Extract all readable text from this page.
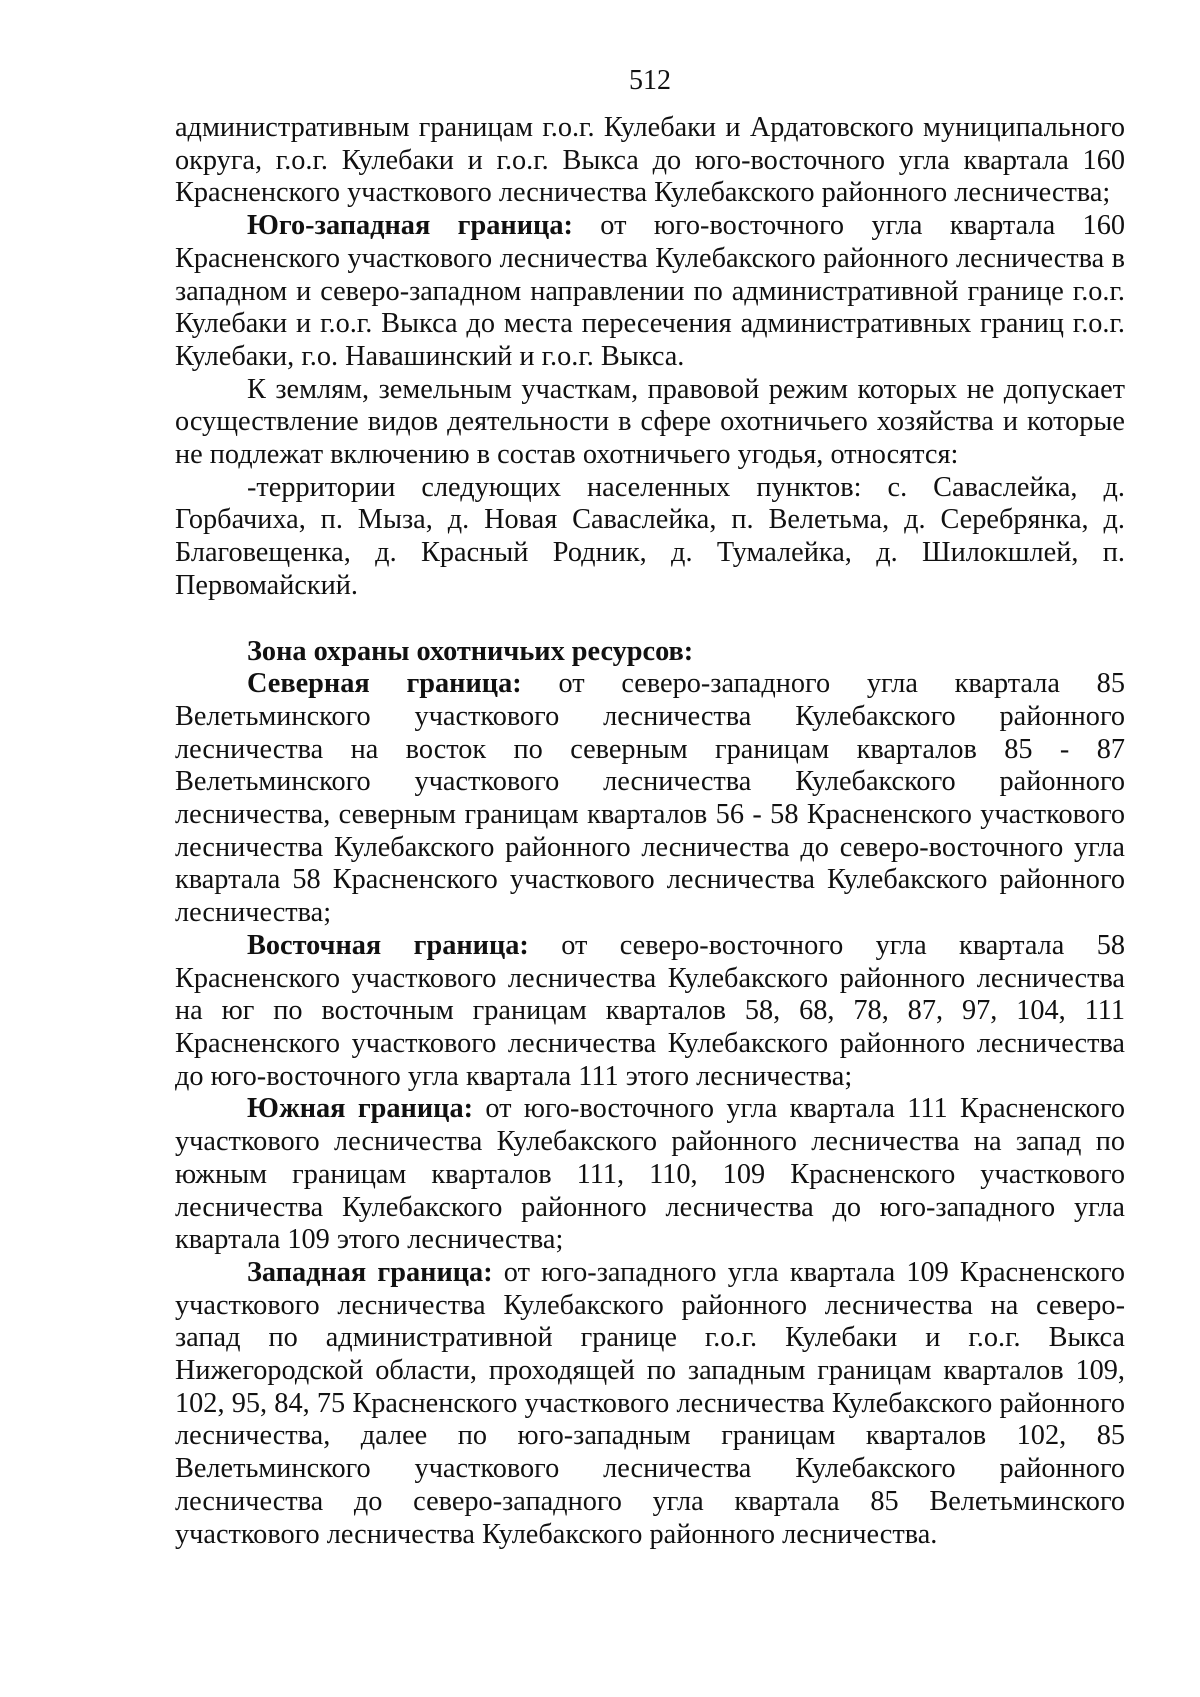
512

административным границам г.о.г. Кулебаки и Ардатовского муниципального округа, г.о.г. Кулебаки и г.о.г. Выкса до юго-восточного угла квартала 160 Красненского участкового лесничества Кулебакского районного лесничества;

Юго-западная граница: от юго-восточного угла квартала 160 Красненского участкового лесничества Кулебакского районного лесничества в западном и северо-западном направлении по административной границе г.о.г. Кулебаки и г.о.г. Выкса до места пересечения административных границ г.о.г. Кулебаки, г.о. Навашинский и г.о.г. Выкса.

К землям, земельным участкам, правовой режим которых не допускает осуществление видов деятельности в сфере охотничьего хозяйства и которые не подлежат включению в состав охотничьего угодья, относятся:

-территории следующих населенных пунктов: с. Саваслейка, д. Горбачиха, п. Мыза, д. Новая Саваслейка, п. Велетьма, д. Серебрянка, д. Благовещенка, д. Красный Родник, д. Тумалейка, д. Шилокшлей, п. Первомайский.

Зона охраны охотничьих ресурсов:

Северная граница: от северо-западного угла квартала 85 Велетьминского участкового лесничества Кулебакского районного лесничества на восток по северным границам кварталов 85 - 87 Велетьминского участкового лесничества Кулебакского районного лесничества, северным границам кварталов 56 - 58 Красненского участкового лесничества Кулебакского районного лесничества до северо-восточного угла квартала 58 Красненского участкового лесничества Кулебакского районного лесничества;

Восточная граница: от северо-восточного угла квартала 58 Красненского участкового лесничества Кулебакского районного лесничества на юг по восточным границам кварталов 58, 68, 78, 87, 97, 104, 111 Красненского участкового лесничества Кулебакского районного лесничества до юго-восточного угла квартала 111 этого лесничества;

Южная граница: от юго-восточного угла квартала 111 Красненского участкового лесничества Кулебакского районного лесничества на запад по южным границам кварталов 111, 110, 109 Красненского участкового лесничества Кулебакского районного лесничества до юго-западного угла квартала 109 этого лесничества;

Западная граница: от юго-западного угла квартала 109 Красненского участкового лесничества Кулебакского районного лесничества на северо-запад по административной границе г.о.г. Кулебаки и г.о.г. Выкса Нижегородской области, проходящей по западным границам кварталов 109, 102, 95, 84, 75 Красненского участкового лесничества Кулебакского районного лесничества, далее по юго-западным границам кварталов 102, 85 Велетьминского участкового лесничества Кулебакского районного лесничества до северо-западного угла квартала 85 Велетьминского участкового лесничества Кулебакского районного лесничества.
